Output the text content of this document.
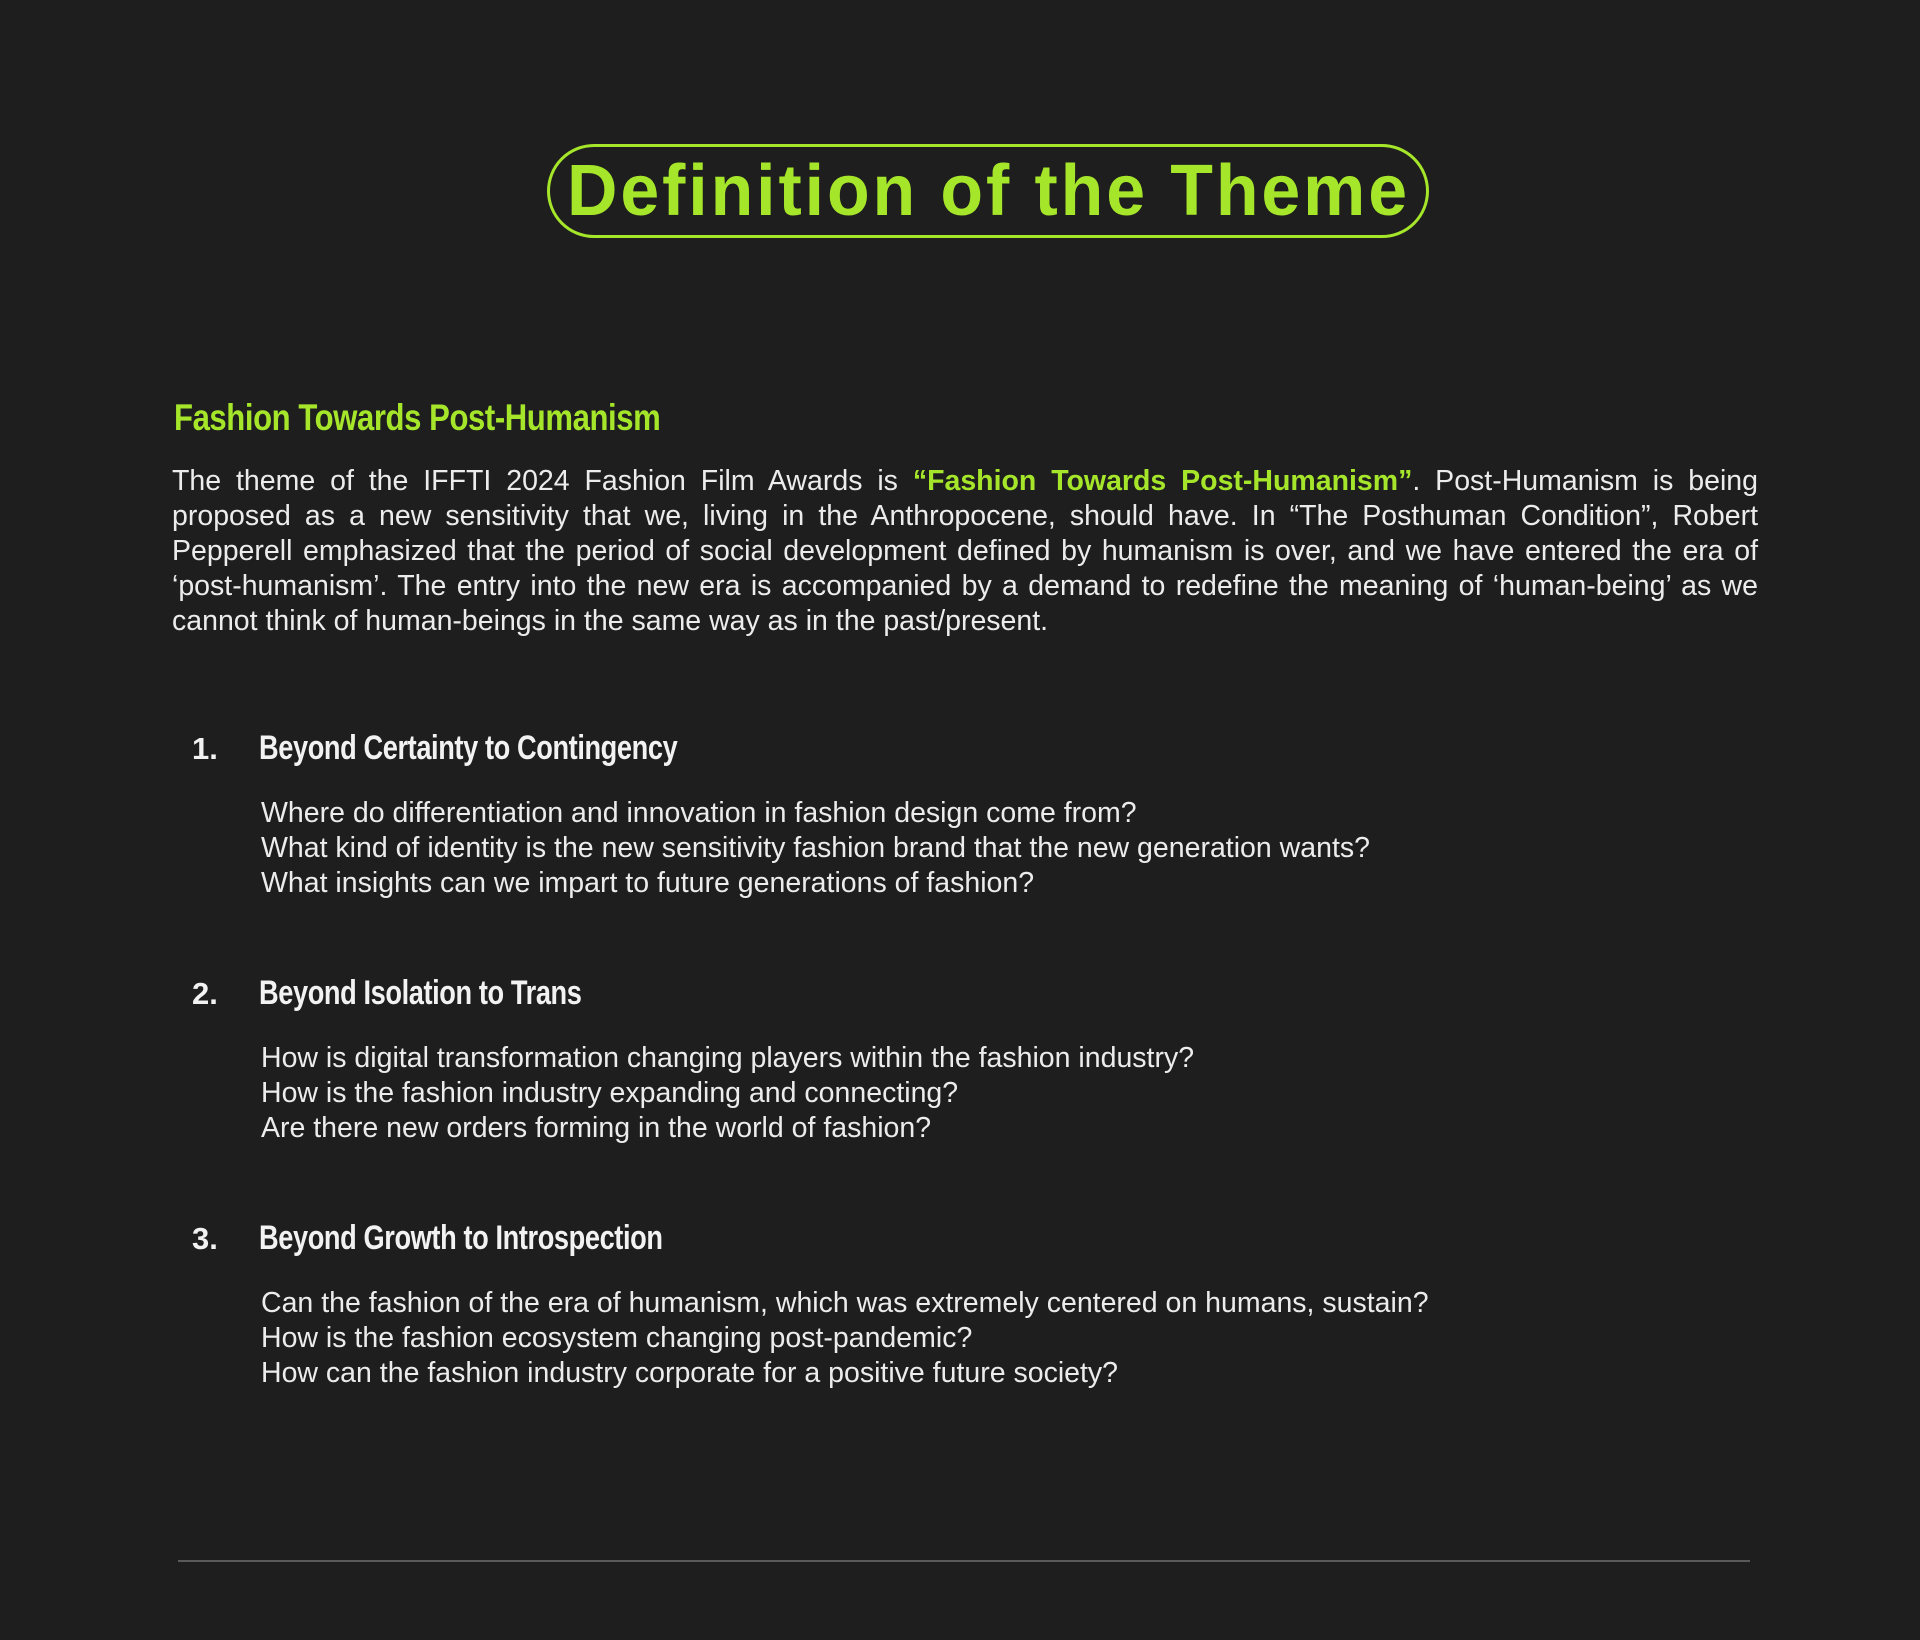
Definition of the Theme
Fashion Towards Post-Humanism

The theme of the IFFTI 2024 Fashion Film Awards is “Fashion Towards Post-Humanism”. Post-Humanism is being proposed as a new sensitivity that we, living in the Anthropocene, should have. In “The Posthuman Condition”, Robert Pepperell emphasized that the period of social development defined by humanism is over, and we have entered the era of ‘post-humanism’. The entry into the new era is accompanied by a demand to redefine the meaning of ‘human-being’ as we cannot think of human-beings in the same way as in the past/present.

1. Beyond Certainty to Contingency
Where do differentiation and innovation in fashion design come from?
What kind of identity is the new sensitivity fashion brand that the new generation wants?
What insights can we impart to future generations of fashion?
2. Beyond Isolation to Trans
How is digital transformation changing players within the fashion industry?
How is the fashion industry expanding and connecting?
Are there new orders forming in the world of fashion?
3. Beyond Growth to Introspection
Can the fashion of the era of humanism, which was extremely centered on humans, sustain?
How is the fashion ecosystem changing post-pandemic?
How can the fashion industry corporate for a positive future society?
